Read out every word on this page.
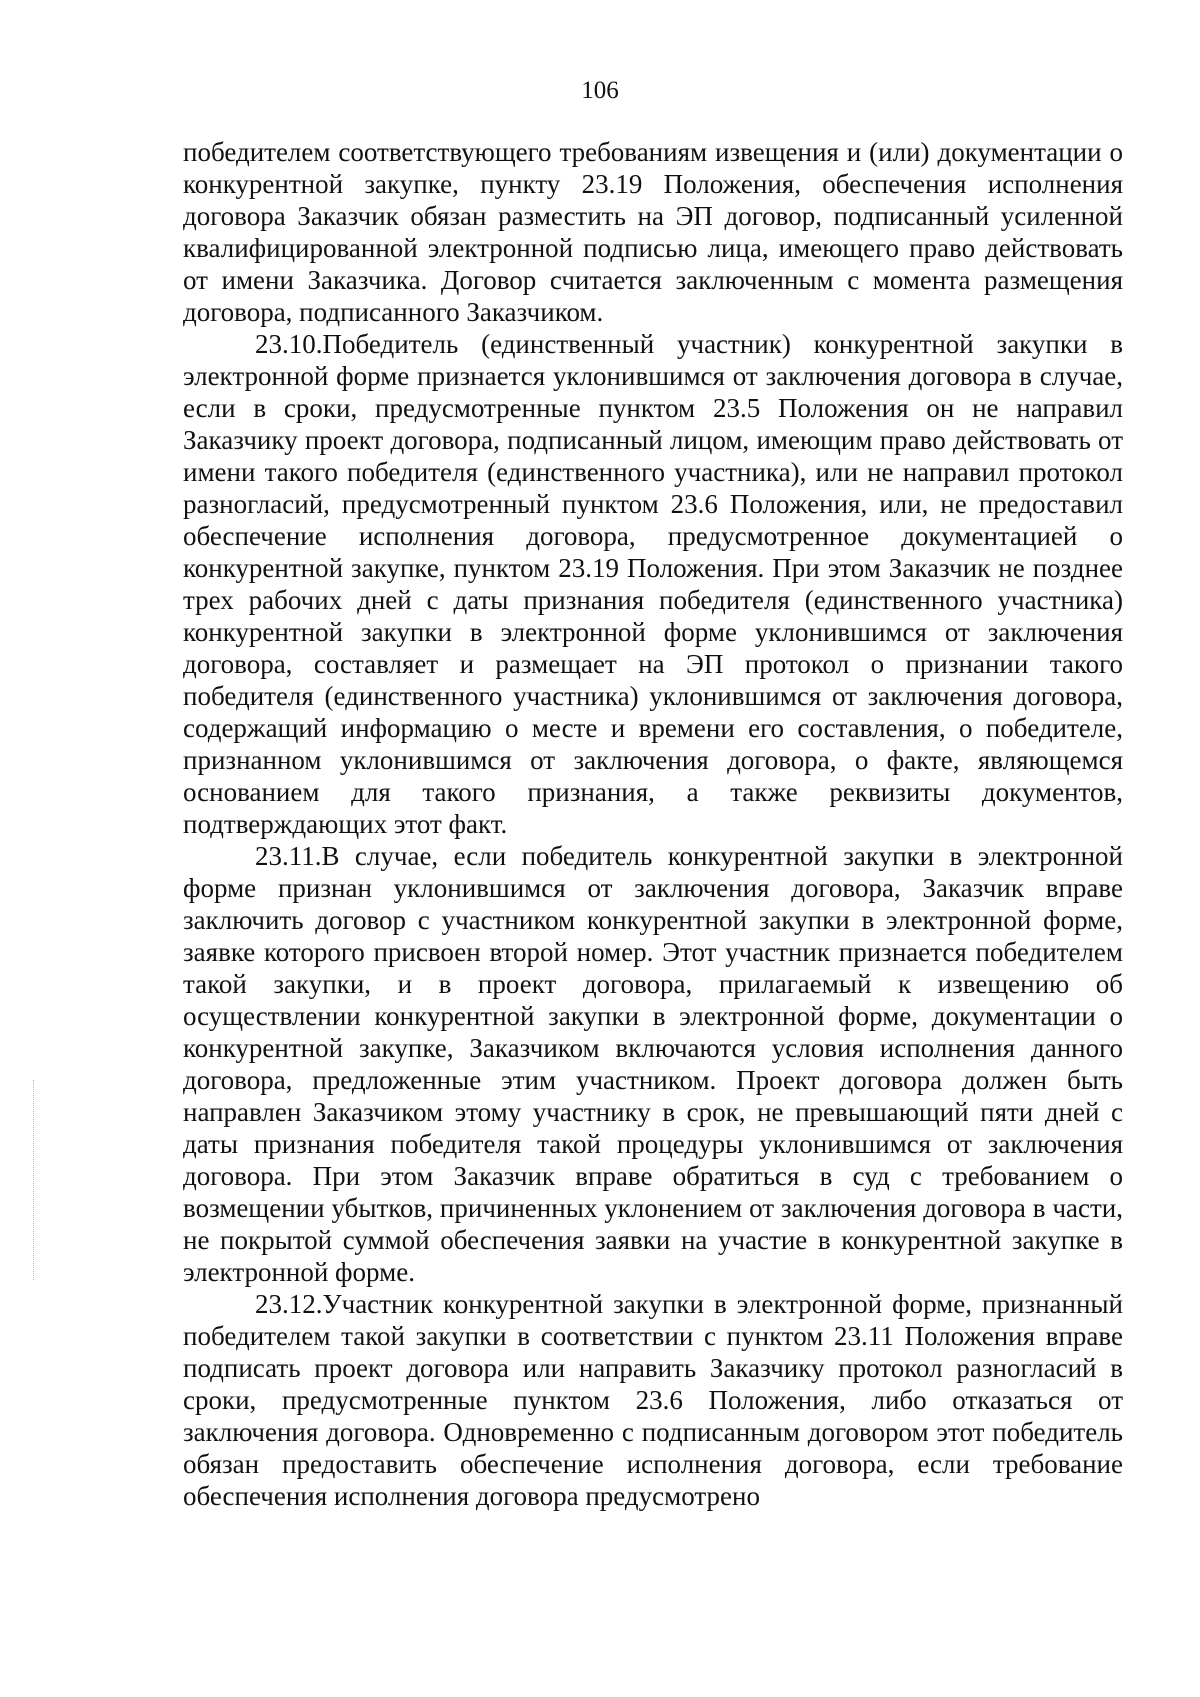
106

победителем соответствующего требованиям извещения и (или) документации о конкурентной закупке, пункту 23.19 Положения, обеспечения исполнения договора Заказчик обязан разместить на ЭП договор, подписанный усиленной квалифицированной электронной подписью лица, имеющего право действовать от имени Заказчика. Договор считается заключенным с момента размещения договора, подписанного Заказчиком.

23.10.Победитель (единственный участник) конкурентной закупки в электронной форме признается уклонившимся от заключения договора в случае, если в сроки, предусмотренные пунктом 23.5 Положения он не направил Заказчику проект договора, подписанный лицом, имеющим право действовать от имени такого победителя (единственного участника), или не направил протокол разногласий, предусмотренный пунктом 23.6 Положения, или, не предоставил обеспечение исполнения договора, предусмотренное документацией о конкурентной закупке, пунктом 23.19 Положения. При этом Заказчик не позднее трех рабочих дней с даты признания победителя (единственного участника) конкурентной закупки в электронной форме уклонившимся от заключения договора, составляет и размещает на ЭП протокол о признании такого победителя (единственного участника) уклонившимся от заключения договора, содержащий информацию о месте и времени его составления, о победителе, признанном уклонившимся от заключения договора, о факте, являющемся основанием для такого признания, а также реквизиты документов, подтверждающих этот факт.

23.11.В случае, если победитель конкурентной закупки в электронной форме признан уклонившимся от заключения договора, Заказчик вправе заключить договор с участником конкурентной закупки в электронной форме, заявке которого присвоен второй номер. Этот участник признается победителем такой закупки, и в проект договора, прилагаемый к извещению об осуществлении конкурентной закупки в электронной форме, документации о конкурентной закупке, Заказчиком включаются условия исполнения данного договора, предложенные этим участником. Проект договора должен быть направлен Заказчиком этому участнику в срок, не превышающий пяти дней с даты признания победителя такой процедуры уклонившимся от заключения договора. При этом Заказчик вправе обратиться в суд с требованием о возмещении убытков, причиненных уклонением от заключения договора в части, не покрытой суммой обеспечения заявки на участие в конкурентной закупке в электронной форме.

23.12.Участник конкурентной закупки в электронной форме, признанный победителем такой закупки в соответствии с пунктом 23.11 Положения вправе подписать проект договора или направить Заказчику протокол разногласий в сроки, предусмотренные пунктом 23.6 Положения, либо отказаться от заключения договора. Одновременно с подписанным договором этот победитель обязан предоставить обеспечение исполнения договора, если требование обеспечения исполнения договора предусмотрено
